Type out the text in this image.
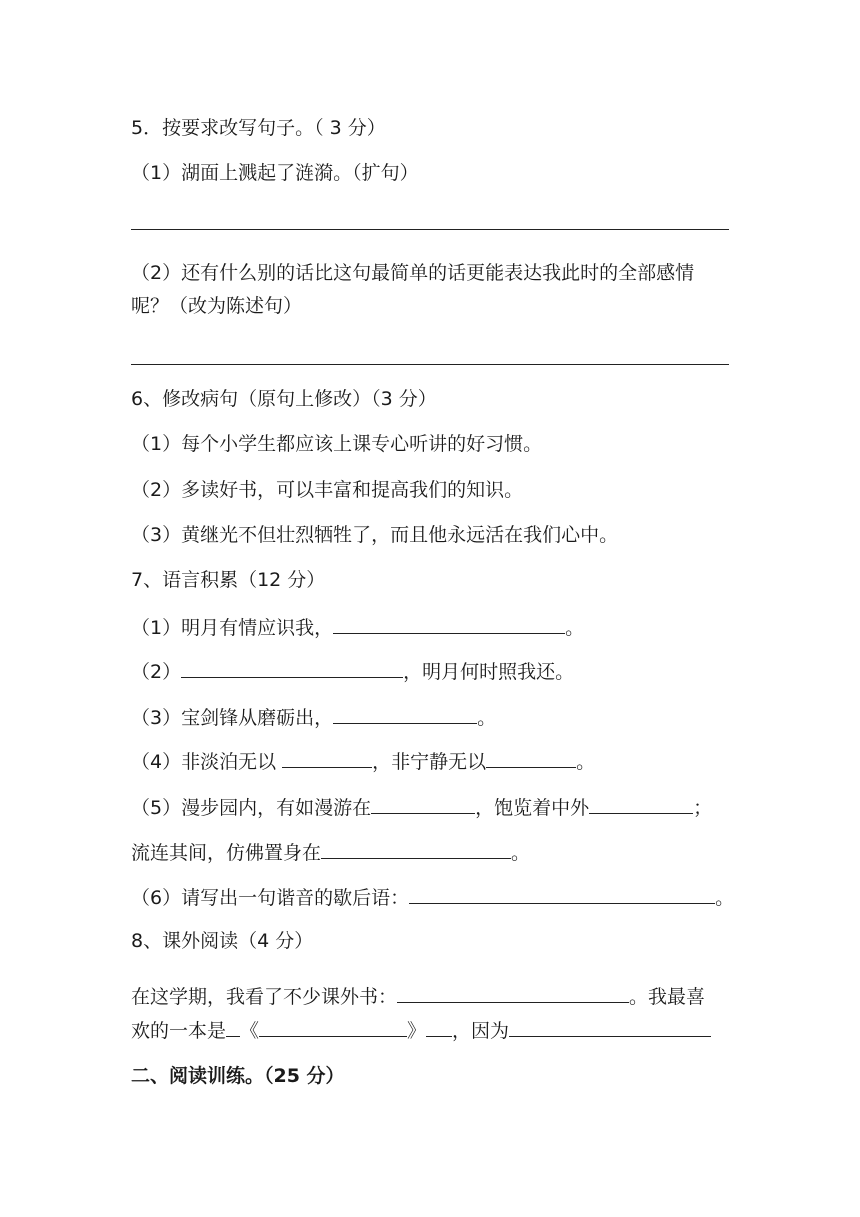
5．按要求改写句子。（ 3 分）
（1）湖面上溅起了涟漪。（扩句）
（2）还有什么别的话比这句最简单的话更能表达我此时的全部感情
呢？（改为陈述句）
6、修改病句（原句上修改）（3 分）
（1）每个小学生都应该上课专心听讲的好习惯。
（2）多读好书，可以丰富和提高我们的知识。
（3）黄继光不但壮烈牺牲了，而且他永远活在我们心中。
7、语言积累（12 分）
（1）明月有情应识我，	。
（2）	，明月何时照我还。
（3）宝剑锋从磨砺出，	。
（4）非淡泊无以	，非宁静无以	。
（5）漫步园内，有如漫游在	，饱览着中外	；
流连其间，仿佛置身在	。
（6）请写出一句谐音的歇后语：	。
8、课外阅读（4 分）
在这学期，我看了不少课外书：	。我最喜
欢的一本是 《	》 ，因为
二、阅读训练。（25 分）
